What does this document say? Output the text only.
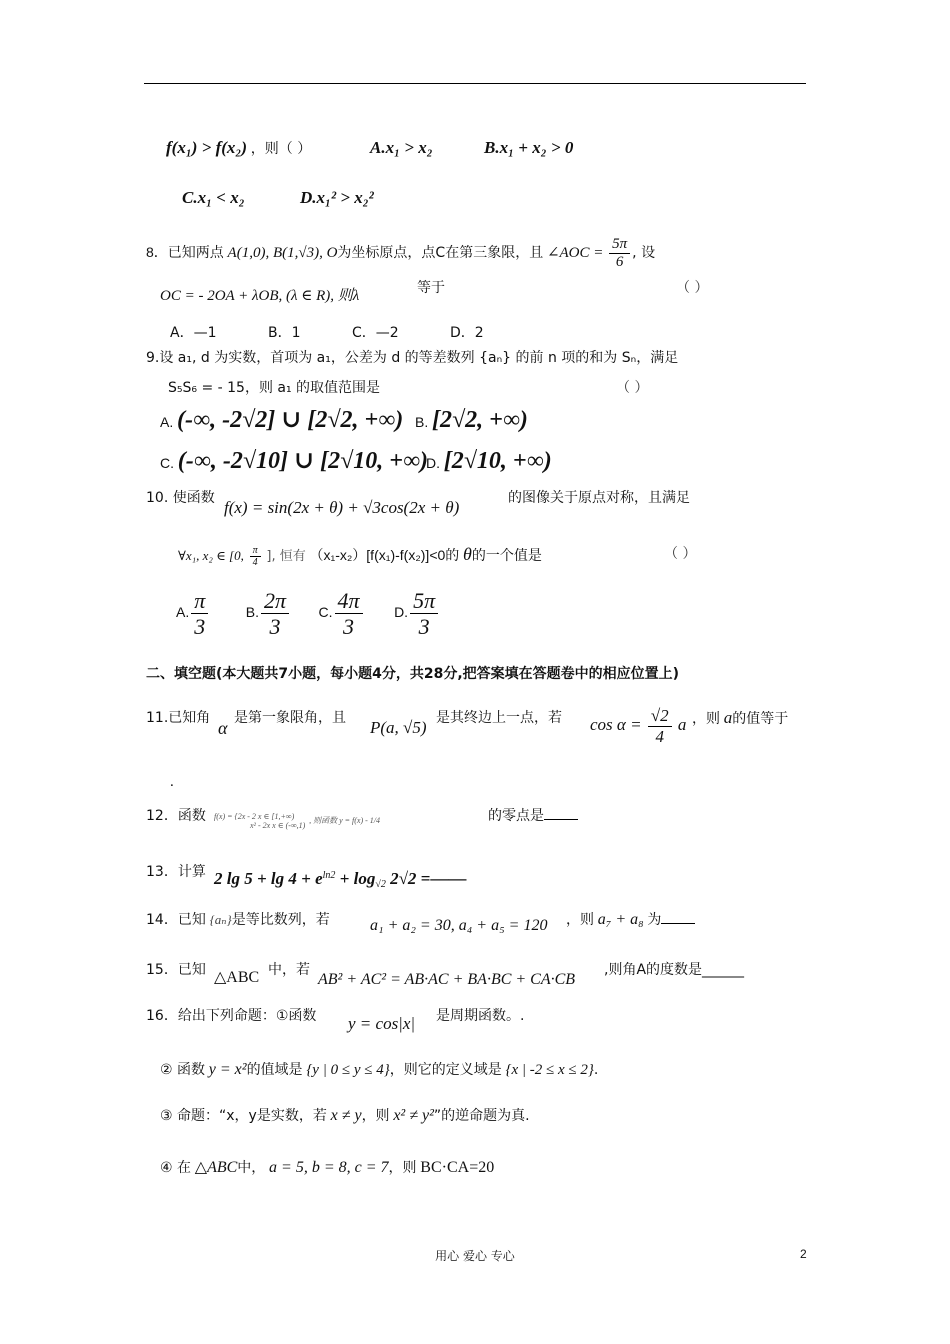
f(x₁) > f(x₂) ，则（ ）	A.x₁ > x₂	B.x₁ + x₂ > 0
C.x₁ < x₂	D.x₁² > x₂²
8．已知两点 A(1,0), B(1,√3), O为坐标原点，点C在第三象限，且 ∠AOC = $\frac{5\pi}{6}$ , 设
OC = - 2OA + λOB, (λ ∈ R), 则λ	等于	（ ）
A．—1	B．1	C．—2	D．2
9.设 a₁, d 为实数，首项为 a₁，公差为 d 的等差数列 {aₙ} 的前 n 项的和为 Sₙ，满足
S₅S₆ = - 15，则 a₁ 的取值范围是	（ ）
A. (-∞, -2√2] ∪ [2√2, +∞) B. [2√2, +∞)
C. (-∞, -2√10] ∪ [2√10, +∞)
D. [2√10, +∞)
10. 使函数 f(x) = sin(2x + θ) + √3cos(2x + θ)	的图像关于原点对称，且满足
∀x₁, x₂ ∈ [0, $\frac{\pi}{4}$ ], 恒有 （x₁-x₂）[f(x₁)-f(x₂)]<0的 θ的一个值是	（ ）
A. $\frac{\pi}{3}$	B. $\frac{2\pi}{3} C$. $\frac{4\pi}{3} D$. $\frac{5\pi}{3}$
二、填空题(本大题共7小题，每小题4分，共28分,把答案填在答题卷中的相应位置上)
11.已知角 α 是第一象限角，且 P(a, √5) 是其终边上一点，若 $\cos \alpha = \frac{√2}{4}$ a ，则 a的值等于
.
12．函数 f(x) = {2x - 2 x ∈ [1,+∞)
x² - 2x x ∈ (-∞,1) , 则函数 y = f(x) - 1/4	的零点是
13．计算 2 $\lg 5 + \lg 4 + e^{ln2} + \log_{√2} 2√2$ =——
14．已知 {aₙ}是等比数列，若	a₁ + a₂ = 30, a₄ + a₅ = 120 ，则 a₇ + a₈ 为
15．已知 △ABC 中，若
AB² + AC² = AB·AC + BA·BC + CA·CB
,则角A的度数是______
16．给出下列命题：①函数 y = cos|x| 是周期函数。.
② 函数 y = x²的值域是 {y | 0 ≤ y ≤ 4}，则它的定义域是 {x | -2 ≤ x ≤ 2}.
③ 命题：“x，y是实数，若 x ≠ y，则 x² ≠ y²”的逆命题为真.
④ 在 △ABC中， a = 5, b = 8, c = 7，则 BC·CA=20
用心 爱心 专心	2
